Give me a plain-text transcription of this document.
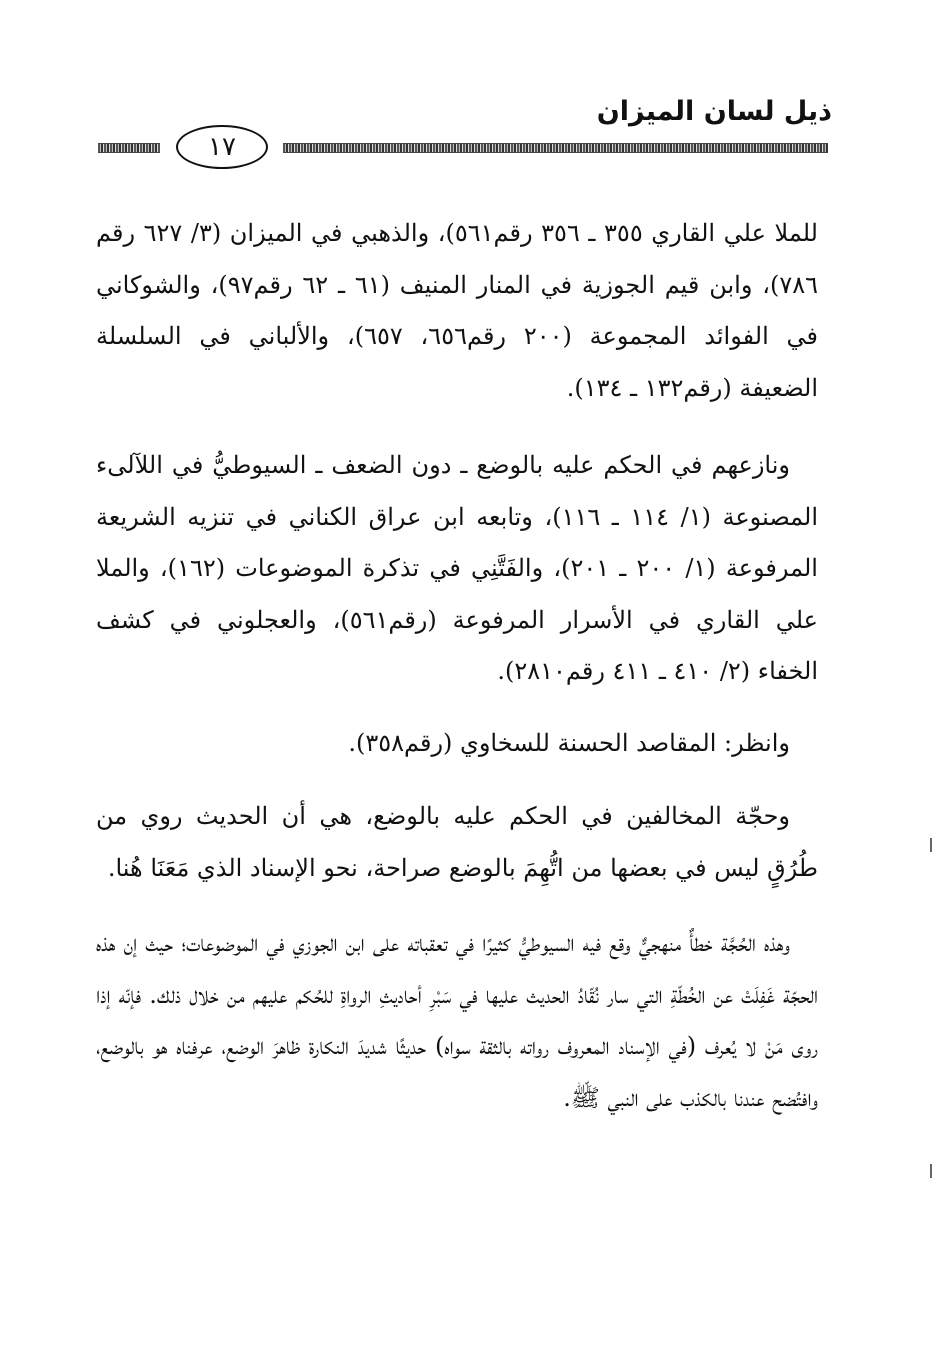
ذيل لسان الميزان
١٧

للملا علي القاري ٣٥٥ ـ ٣٥٦ رقم٥٦١)، والذهبي في الميزان (٣/ ٦٢٧ رقم ٧٨٦)، وابن قيم الجوزية في المنار المنيف (٦١ ـ ٦٢ رقم٩٧)، والشوكاني في الفوائد المجموعة (٢٠٠ رقم٦٥٦، ٦٥٧)، والألباني في السلسلة الضعيفة (رقم١٣٢ ـ ١٣٤).

ونازعهم في الحكم عليه بالوضع ـ دون الضعف ـ السيوطيُّ في اللآلىء المصنوعة (١/ ١١٤ ـ ١١٦)، وتابعه ابن عراق الكناني في تنزيه الشريعة المرفوعة (١/ ٢٠٠ ـ ٢٠١)، والفَتَّنِي في تذكرة الموضوعات (١٦٢)، والملا علي القاري في الأسرار المرفوعة (رقم٥٦١)، والعجلوني في كشف الخفاء (٢/ ٤١٠ ـ ٤١١ رقم٢٨١٠).

وانظر: المقاصد الحسنة للسخاوي (رقم٣٥٨).

وحجّة المخالفين في الحكم عليه بالوضع، هي أن الحديث روي من طُرُقٍ ليس في بعضها من اتُّهِمَ بالوضع صراحة، نحو الإسناد الذي مَعَنَا هُنا.

وهذه الحُجَّة خطأٌ منهجيٌّ وقع فيه السيوطيُّ كثيرًا في تعقباته على ابن الجوزي في الموضوعات؛ حيث إن هذه الحجّة غَفِلَتْ عن الخُطّةِ التي سار نُقّادُ الحديث عليها في سَبْرِ أحاديثِ الرواةِ للحُكم عليهم من خلال ذلك. فإنّه إذا روى مَنْ لا يُعرف (في الإسناد المعروف رواته بالثقة سواه) حديثًا شديدَ النكارة ظاهرَ الوضع، عرفناه هو بالوضع، وافتُضح عندنا بالكذب على النبي ﷺ.
